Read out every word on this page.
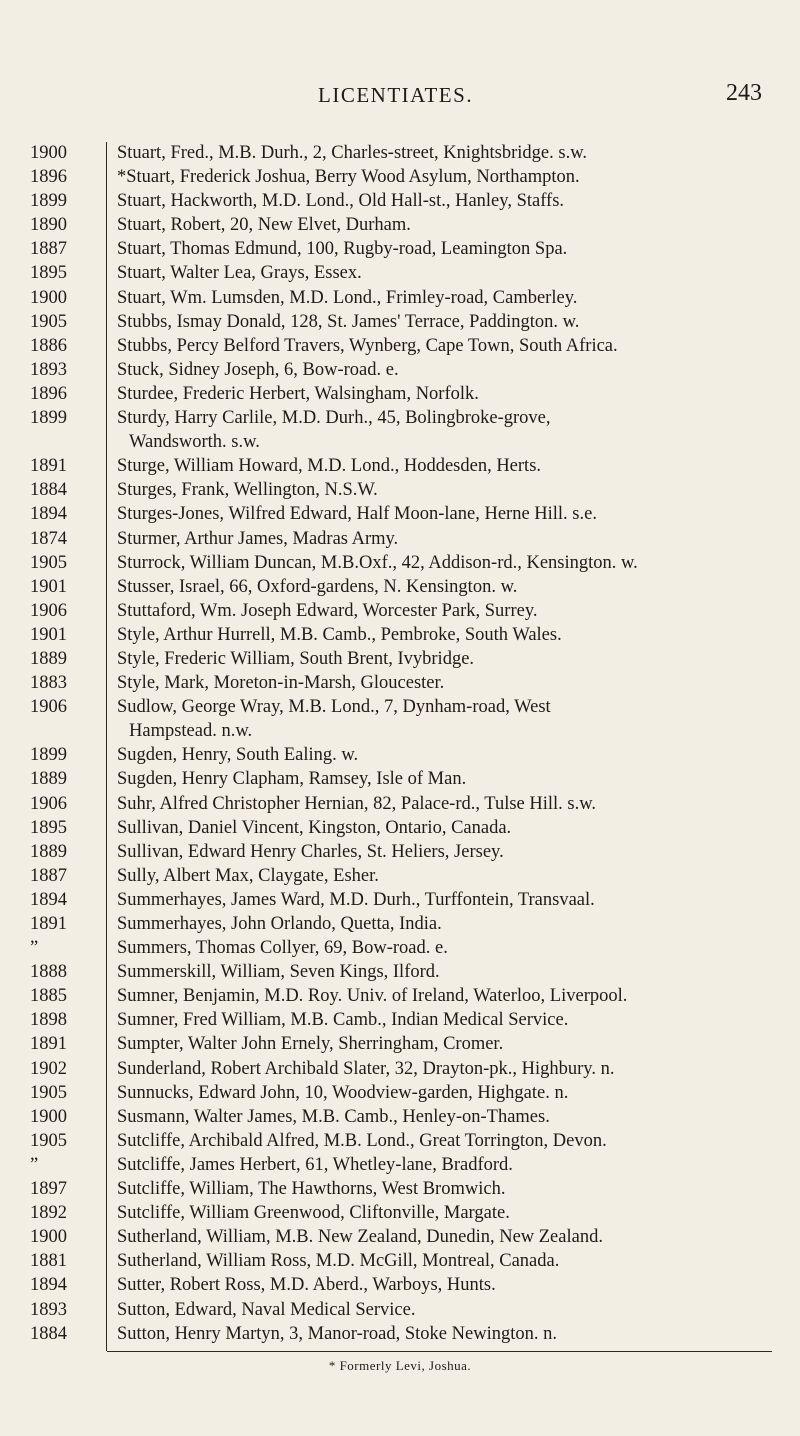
LICENTIATES.	243
1900	Stuart, Fred., M.B. Durh., 2, Charles-street, Knightsbridge. s.w.
1896	*Stuart, Frederick Joshua, Berry Wood Asylum, Northampton.
1899	Stuart, Hackworth, M.D. Lond., Old Hall-st., Hanley, Staffs.
1890	Stuart, Robert, 20, New Elvet, Durham.
1887	Stuart, Thomas Edmund, 100, Rugby-road, Leamington Spa.
1895	Stuart, Walter Lea, Grays, Essex.
1900	Stuart, Wm. Lumsden, M.D. Lond., Frimley-road, Camberley.
1905	Stubbs, Ismay Donald, 128, St. James' Terrace, Paddington. w.
1886	Stubbs, Percy Belford Travers, Wynberg, Cape Town, South Africa.
1893	Stuck, Sidney Joseph, 6, Bow-road. e.
1896	Sturdee, Frederic Herbert, Walsingham, Norfolk.
1899	Sturdy, Harry Carlile, M.D. Durh., 45, Bolingbroke-grove,
Wandsworth. s.w.
1891	Sturge, William Howard, M.D. Lond., Hoddesden, Herts.
1884	Sturges, Frank, Wellington, N.S.W.
1894	Sturges-Jones, Wilfred Edward, Half Moon-lane, Herne Hill. s.e.
1874	Sturmer, Arthur James, Madras Army.
1905	Sturrock, William Duncan, M.B.Oxf., 42, Addison-rd., Kensington. w.
1901	Stusser, Israel, 66, Oxford-gardens, N. Kensington. w.
1906	Stuttaford, Wm. Joseph Edward, Worcester Park, Surrey.
1901	Style, Arthur Hurrell, M.B. Camb., Pembroke, South Wales.
1889	Style, Frederic William, South Brent, Ivybridge.
1883	Style, Mark, Moreton-in-Marsh, Gloucester.
1906	Sudlow, George Wray, M.B. Lond., 7, Dynham-road, West
Hampstead. n.w.
1899	Sugden, Henry, South Ealing. w.
1889	Sugden, Henry Clapham, Ramsey, Isle of Man.
1906	Suhr, Alfred Christopher Hernian, 82, Palace-rd., Tulse Hill. s.w.
1895	Sullivan, Daniel Vincent, Kingston, Ontario, Canada.
1889	Sullivan, Edward Henry Charles, St. Heliers, Jersey.
1887	Sully, Albert Max, Claygate, Esher.
1894	Summerhayes, James Ward, M.D. Durh., Turffontein, Transvaal.
1891	Summerhayes, John Orlando, Quetta, India.
”	Summers, Thomas Collyer, 69, Bow-road. e.
1888	Summerskill, William, Seven Kings, Ilford.
1885	Sumner, Benjamin, M.D. Roy. Univ. of Ireland, Waterloo, Liverpool.
1898	Sumner, Fred William, M.B. Camb., Indian Medical Service.
1891	Sumpter, Walter John Ernely, Sherringham, Cromer.
1902	Sunderland, Robert Archibald Slater, 32, Drayton-pk., Highbury. n.
1905	Sunnucks, Edward John, 10, Woodview-garden, Highgate. n.
1900	Susmann, Walter James, M.B. Camb., Henley-on-Thames.
1905	Sutcliffe, Archibald Alfred, M.B. Lond., Great Torrington, Devon.
”	Sutcliffe, James Herbert, 61, Whetley-lane, Bradford.
1897	Sutcliffe, William, The Hawthorns, West Bromwich.
1892	Sutcliffe, William Greenwood, Cliftonville, Margate.
1900	Sutherland, William, M.B. New Zealand, Dunedin, New Zealand.
1881	Sutherland, William Ross, M.D. McGill, Montreal, Canada.
1894	Sutter, Robert Ross, M.D. Aberd., Warboys, Hunts.
1893	Sutton, Edward, Naval Medical Service.
1884	Sutton, Henry Martyn, 3, Manor-road, Stoke Newington. n.
* Formerly Levi, Joshua.
